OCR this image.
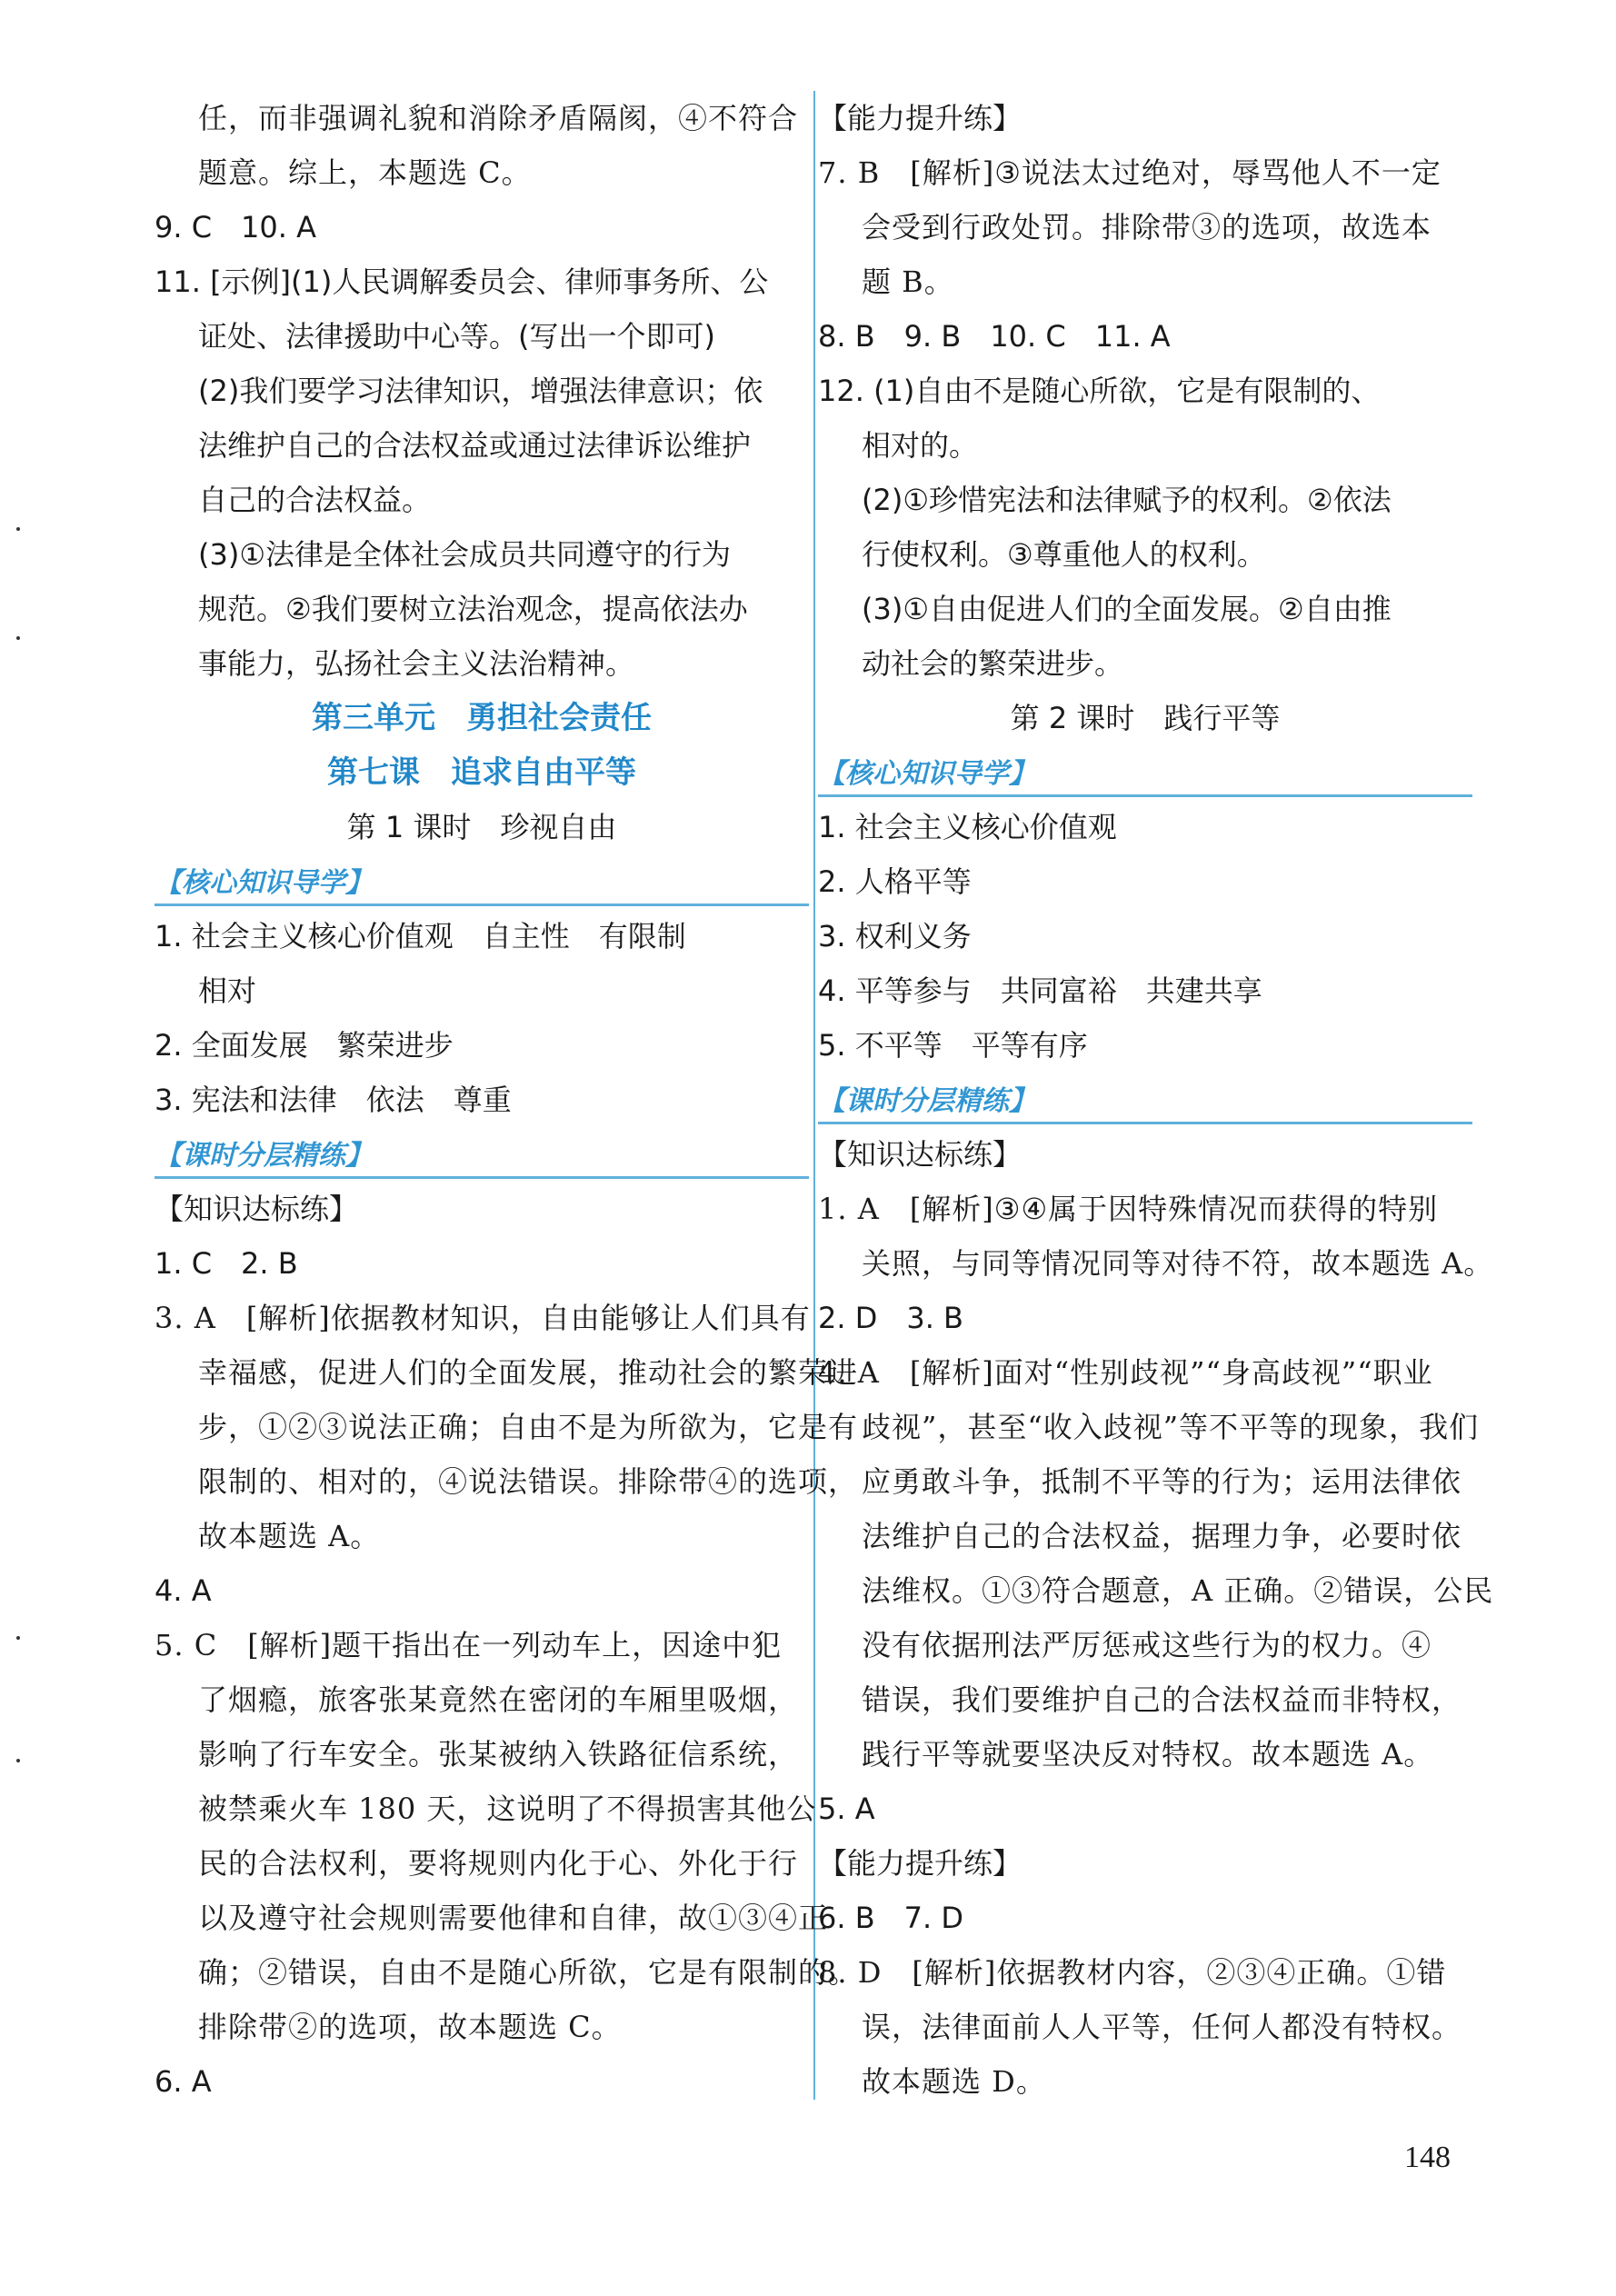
任，而非强调礼貌和消除矛盾隔阂，④不符合
题意。综上，本题选 C。
9. C　10. A
11. [示例](1)人民调解委员会、律师事务所、公
证处、法律援助中心等。(写出一个即可)
(2)我们要学习法律知识，增强法律意识；依
法维护自己的合法权益或通过法律诉讼维护
自己的合法权益。
(3)①法律是全体社会成员共同遵守的行为
规范。②我们要树立法治观念，提高依法办
事能力，弘扬社会主义法治精神。
第三单元　勇担社会责任
第七课　追求自由平等
第 1 课时　珍视自由
【核心知识导学】
1. 社会主义核心价值观　自主性　有限制
相对
2. 全面发展　繁荣进步
3. 宪法和法律　依法　尊重
【课时分层精练】
【知识达标练】
1. C　2. B
3. A　[解析]依据教材知识，自由能够让人们具有
幸福感，促进人们的全面发展，推动社会的繁荣进
步，①②③说法正确；自由不是为所欲为，它是有
限制的、相对的，④说法错误。排除带④的选项，
故本题选 A。
4. A
5. C　[解析]题干指出在一列动车上，因途中犯
了烟瘾，旅客张某竟然在密闭的车厢里吸烟，
影响了行车安全。张某被纳入铁路征信系统，
被禁乘火车 180 天，这说明了不得损害其他公
民的合法权利，要将规则内化于心、外化于行
以及遵守社会规则需要他律和自律，故①③④正
确；②错误，自由不是随心所欲，它是有限制的。
排除带②的选项，故本题选 C。
6. A
【能力提升练】
7. B　[解析]③说法太过绝对，辱骂他人不一定
会受到行政处罚。排除带③的选项，故选本
题 B。
8. B　9. B　10. C　11. A
12. (1)自由不是随心所欲，它是有限制的、
相对的。
(2)①珍惜宪法和法律赋予的权利。②依法
行使权利。③尊重他人的权利。
(3)①自由促进人们的全面发展。②自由推
动社会的繁荣进步。
第 2 课时　践行平等
【核心知识导学】
1. 社会主义核心价值观
2. 人格平等
3. 权利义务
4. 平等参与　共同富裕　共建共享
5. 不平等　平等有序
【课时分层精练】
【知识达标练】
1. A　[解析]③④属于因特殊情况而获得的特别
关照，与同等情况同等对待不符，故本题选 A。
2. D　3. B
4. A　[解析]面对“性别歧视”“身高歧视”“职业
歧视”，甚至“收入歧视”等不平等的现象，我们
应勇敢斗争，抵制不平等的行为；运用法律依
法维护自己的合法权益，据理力争，必要时依
法维权。①③符合题意，A 正确。②错误，公民
没有依据刑法严厉惩戒这些行为的权力。④
错误，我们要维护自己的合法权益而非特权，
践行平等就要坚决反对特权。故本题选 A。
5. A
【能力提升练】
6. B　7. D
8. D　[解析]依据教材内容，②③④正确。①错
误，法律面前人人平等，任何人都没有特权。
故本题选 D。
148
